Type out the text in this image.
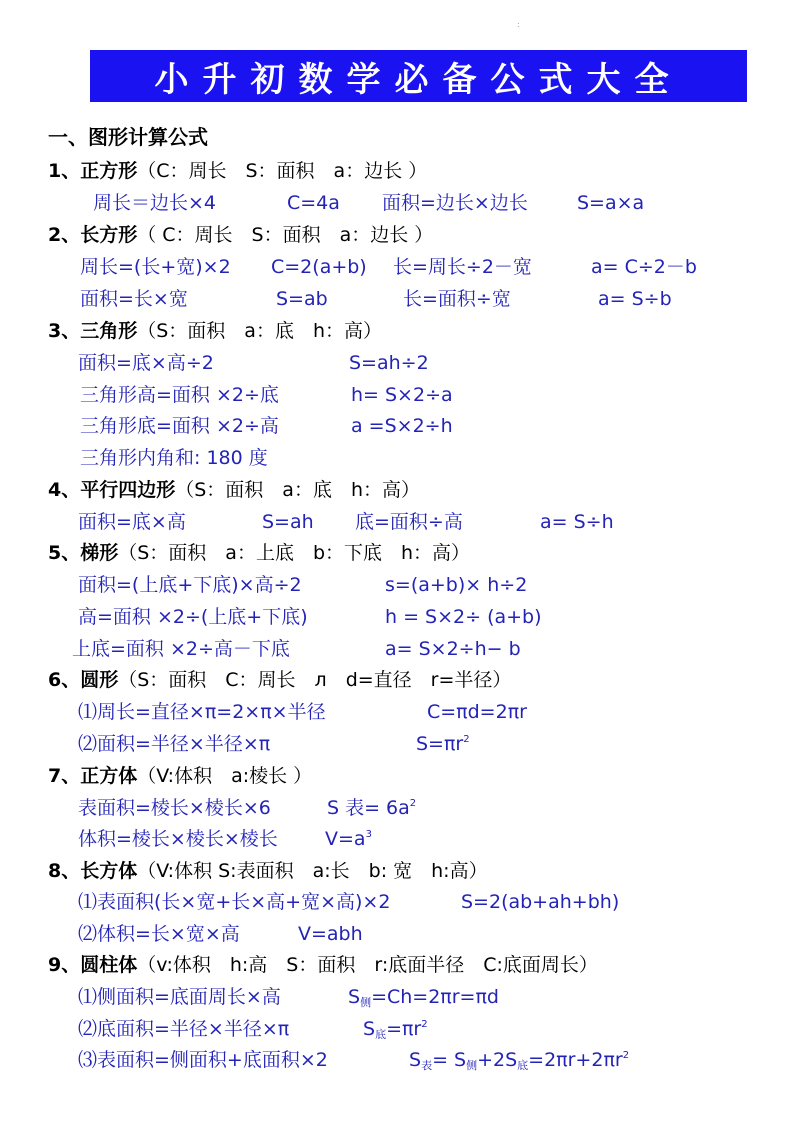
:
小升初数学必备公式大全
一、图形计算公式
1、正方形（C：周长　S：面积　a：边长 ）
周长＝边长×4	C=4a 面积=边长×边长	S=a×a
2、长方形（ C：周长　S：面积　a：边长 ）
周长=(长+宽)×2 C=2(a+b) 长=周长÷2－宽	a= C÷2－b
面积=长×宽	S=ab	长=面积÷宽	a= S÷b
3、三角形（S：面积　a：底　h：高）
面积=底×高÷2	S=ah÷2
三角形高=面积 ×2÷底	h= S×2÷a
三角形底=面积 ×2÷高	a =S×2÷h
三角形内角和: 180 度
4、平行四边形（S：面积　a：底　h：高）
面积=底×高	S=ah 底=面积÷高	a= S÷h
5、梯形（S：面积　a：上底　b：下底　h：高）
面积=(上底+下底)×高÷2	s=(a+b)× h÷2
高=面积 ×2÷(上底+下底)	h = S×2÷ (a+b)
上底=面积 ×2÷高－下底	a= S×2÷h− b
6、圆形（S：面积　C：周长　л　d=直径　r=半径）
⑴周长=直径×π=2×π×半径	C=πd=2πr
⑵面积=半径×半径×π	$S=\pi r^2$
7、正方体（V:体积　a:棱长 ）
表面积=棱长×棱长×6	S 表= $6a^2$
体积=棱长×棱长×棱长 $V=a^3$
8、长方体（V:体积 S:表面积　a:长　b: 宽　h:高）
⑴表面积(长×宽+长×高+宽×高)×2	S=2(ab+ah+bh)
⑵体积=长×宽×高	V=abh
9、圆柱体（v:体积　h:高　S：面积　r:底面半径　C:底面周长）
⑴侧面积=底面周长×高	$S_侧=Ch=2\pi r=\pi d$
⑵底面积=半径×半径×π	$S_底=\pi r^2$
⑶表面积=侧面积+底面积×2	$S_表= S_侧+2S_底=2\pi r+2\pi r^2$
